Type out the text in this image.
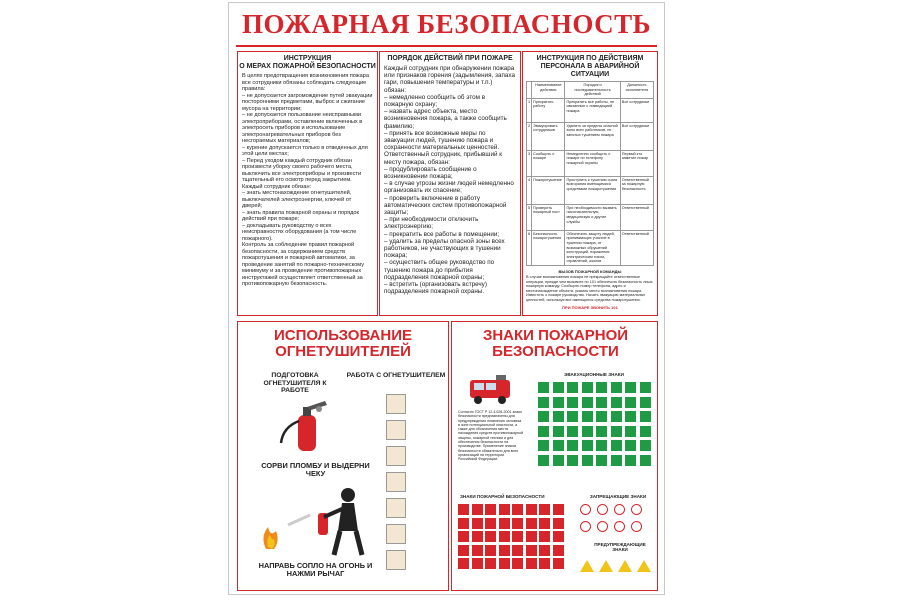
ПОЖАРНАЯ БЕЗОПАСНОСТЬ
ИНСТРУКЦИЯ
О МЕРАХ ПОЖАРНОЙ БЕЗОПАСНОСТИ
В целях предотвращения возникновения пожара все сотрудники обязаны соблюдать следующие правила:
– не допускается загромождение путей эвакуации посторонними предметами, выброс и сжигание мусора на территории;
– не допускается пользование неисправными электроприборами, оставление включенных в электросеть приборов и использование электронагревательных приборов без несгораемых материалов;
– курение допускается только в отведенных для этой цели местах;
– Перед уходом каждый сотрудник обязан произвести уборку своего рабочего места, выключить все электроприборы и произвести тщательный его осмотр перед закрытием.
Каждый сотрудник обязан:
– знать местонахождение огнетушителей, выключателей электроэнергии, ключей от дверей;
– знать правила пожарной охраны и порядок действий при пожаре;
– докладывать руководству о всех неисправностях оборудования (а том числе пожарного).
Контроль за соблюдение правил пожарной безопасности, за содержанием средств пожаротушения и пожарной автоматики, за проведение занятий по пожарно-техническому минимуму и за проведение противопожарных инструктажей осуществляет ответственный за противопожарную безопасность.
ПОРЯДОК ДЕЙСТВИЙ ПРИ ПОЖАРЕ
Каждый сотрудник при обнаружении пожара или признаков горения (задымления, запаха гари, повышения температуры и т.п.) обязан:
– немедленно сообщить об этом в пожарную охрану;
– назвать адрес объекта, место возникновения пожара, а также сообщить фамилию;
– принять все возможные меры по эвакуации людей, тушению пожара и сохранности материальных ценностей.
Ответственный сотрудник, прибывший к месту пожара, обязан:
– продублировать сообщение о возникновении пожара;
– в случае угрозы жизни людей немедленно организовать их спасение;
– проверить включение в работу автоматических систем противопожарной защиты;
– при необходимости отключить электроэнергию;
– прекратить все работы в помещении;
– удалить за пределы опасной зоны всех работников, не участвующих в тушении пожара;
– осуществить общее руководство по тушению пожара до прибытия подразделения пожарной охраны;
– встретить (организовать встречу) подразделения пожарной охраны.
ИНСТРУКЦИЯ ПО ДЕЙСТВИЯМ
ПЕРСОНАЛА В АВАРИЙНОЙ СИТУАЦИИ
	Наименование действия	Порядок и последовательность действий	Должность исполнителя
1	Прекратить работу	Прекратить все работы, не связанные с ликвидацией пожара	Все сотрудники
2	Эвакуировать сотрудников	Удалить за пределы опасной зоны всех работников, не занятых тушением пожара	Все сотрудники
3	Сообщить о пожаре	Немедленно сообщить о пожаре по телефону пожарной охраны	Первый кто заметил пожар
4	Пожаротушение	Приступить к тушению очага возгорания имеющимися средствами пожаротушения	Ответственный за пожарную безопасность
5	Проверить пожарный пост	При необходимости вызвать газоспасательную, медицинскую и другие службы	Ответственный
6	Безопасность пожаротушения	Обеспечить защиту людей, принимающих участие в тушении пожара, от возможных обрушений конструкций, поражения электрическим током, отравлений, ожогов	Ответственный
ВЫЗОВ ПОЖАРНОЙ КОМАНДЫ
В случае возникновения пожара не прекращайте ответственные операции, прежде чем вызовите по 101 обеспечить безопасность лишь пожарную команду. Сообщить номер телефона, адрес и местонахождение объекта, указать место возникновения пожара. Известить о пожаре руководство. Начать эвакуацию материальных ценностей, используя все имеющиеся средства пожаротушения.
ПРИ ПОЖАРЕ ЗВОНИТЬ 101
ИСПОЛЬЗОВАНИЕ ОГНЕТУШИТЕЛЕЙ
ПОДГОТОВКА ОГНЕТУШИТЕЛЯ К РАБОТЕ
РАБОТА С ОГНЕТУШИТЕЛЕМ
СОРВИ ПЛОМБУ И ВЫДЕРНИ ЧЕКУ
НАПРАВЬ СОПЛО НА ОГОНЬ И НАЖМИ РЫЧАГ
ЗНАКИ ПОЖАРНОЙ БЕЗОПАСНОСТИ
Согласно ГОСТ Р 12.4.026-2001 знаки безопасности предназначены для предупреждения появления человека в зоне потенциальной опасности, а также для обозначения места нахождения средств противопожарной защиты, пожарной техники и для обеспечения безопасности на производстве. Применение знаков безопасности обязательно для всех организаций на территории Российской Федерации.
ЭВАКУАЦИОННЫЕ ЗНАКИ
ЗНАКИ ПОЖАРНОЙ БЕЗОПАСНОСТИ	ЗАПРЕЩАЮЩИЕ ЗНАКИ
ПРЕДУПРЕЖДАЮЩИЕ ЗНАКИ
